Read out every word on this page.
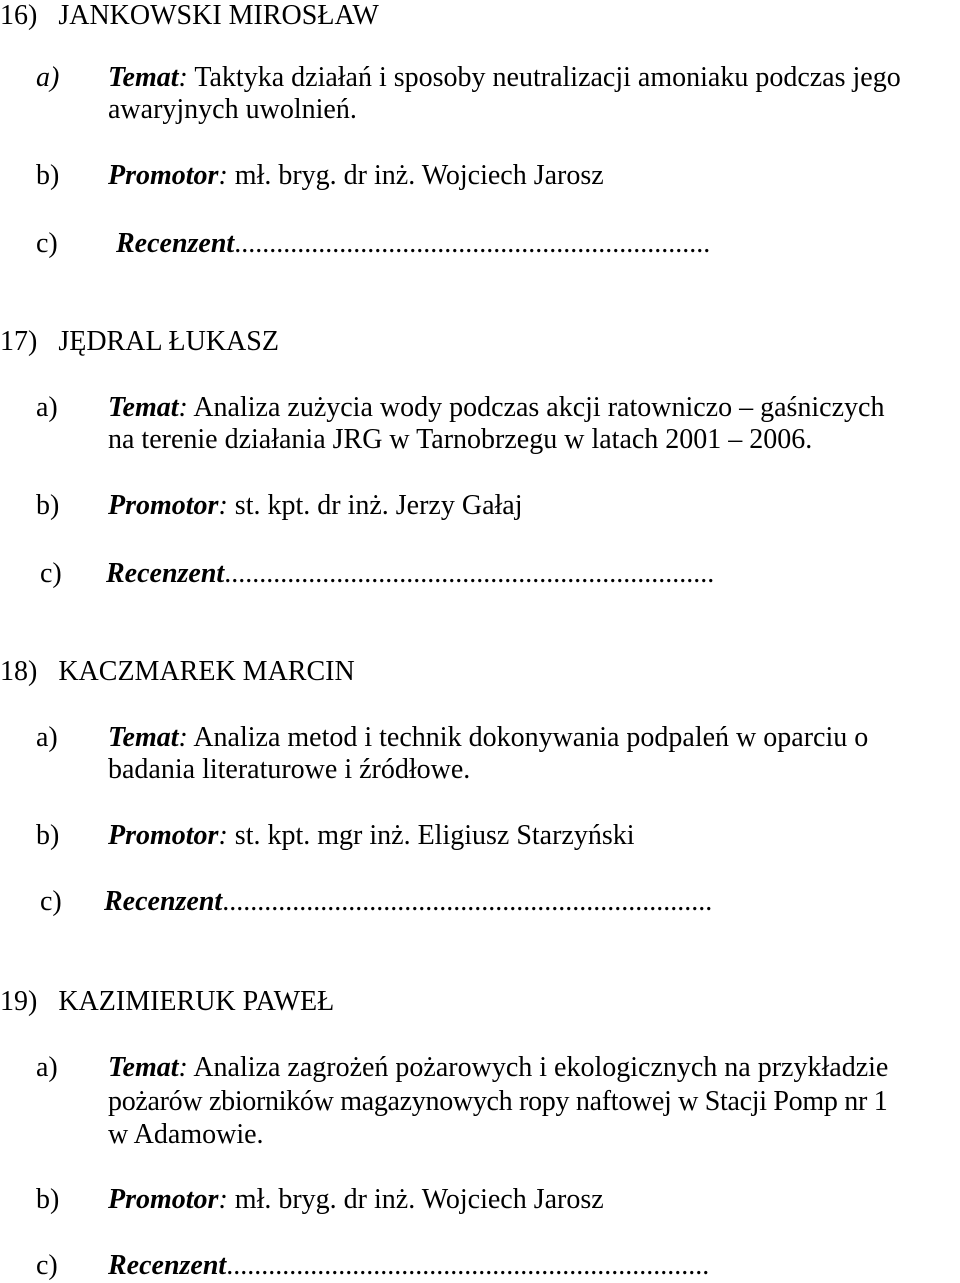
16) JANKOWSKI MIROSŁAW
a) Temat: Taktyka działań i sposoby neutralizacji amoniaku podczas jego
awaryjnych uwolnień.
b) Promotor: mł. bryg. dr inż. Wojciech Jarosz
c) Recenzent....................................................................
17) JĘDRAL ŁUKASZ
a) Temat: Analiza zużycia wody podczas akcji ratowniczo – gaśniczych
na terenie działania JRG w Tarnobrzegu w latach 2001 – 2006.
b) Promotor: st. kpt. dr inż. Jerzy Gałaj
c) Recenzent......................................................................
18) KACZMAREK MARCIN
a) Temat: Analiza metod i technik dokonywania podpaleń w oparciu o
badania literaturowe i źródłowe.
b) Promotor: st. kpt. mgr inż. Eligiusz Starzyński
c) Recenzent......................................................................
19) KAZIMIERUK PAWEŁ
a) Temat: Analiza zagrożeń pożarowych i ekologicznych na przykładzie
pożarów zbiorników magazynowych ropy naftowej w Stacji Pomp nr 1
w Adamowie.
b) Promotor: mł. bryg. dr inż. Wojciech Jarosz
c) Recenzent.....................................................................
